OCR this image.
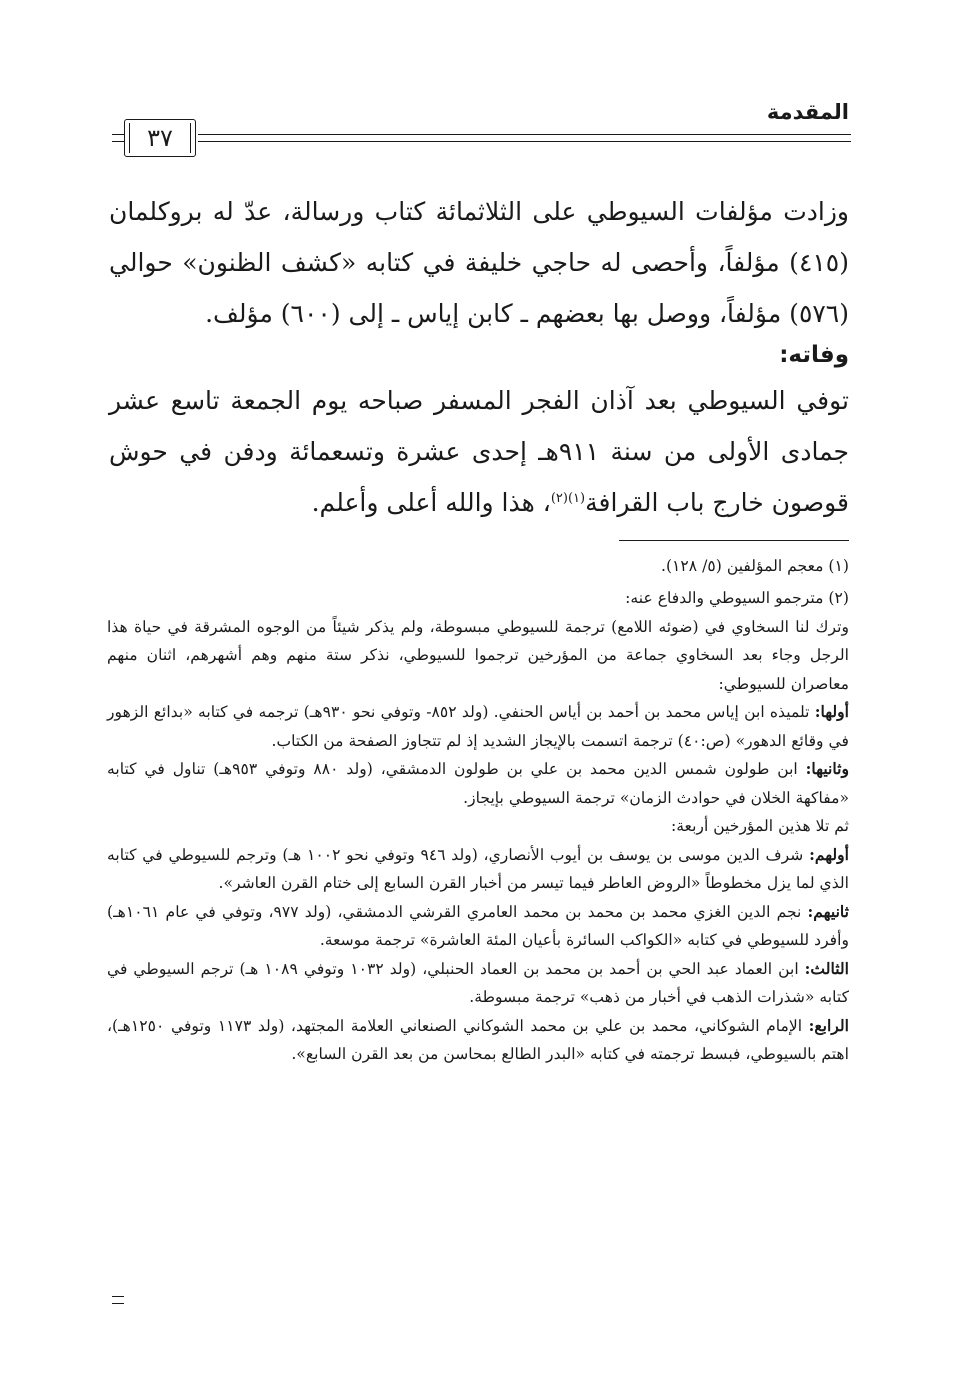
المقدمة
٣٧

وزادت مؤلفات السيوطي على الثلاثمائة كتاب ورسالة، عدّ له بروكلمان (٤١٥) مؤلفاً، وأحصى له حاجي خليفة في كتابه «كشف الظنون» حوالي (٥٧٦) مؤلفاً، ووصل بها بعضهم ـ كابن إياس ـ إلى (٦٠٠) مؤلف.

وفاته:

توفي السيوطي بعد آذان الفجر المسفر صباحه يوم الجمعة تاسع عشر جمادى الأولى من سنة ٩١١هـ إحدى عشرة وتسعمائة ودفن في حوش قوصون خارج باب القرافة$^{(١)(٢)}$، هذا والله أعلى وأعلم.

(١) معجم المؤلفين (٥/ ١٢٨).

(٢) مترجمو السيوطي والدفاع عنه:

وترك لنا السخاوي في (ضوئه اللامع) ترجمة للسيوطي مبسوطة، ولم يذكر شيئاً من الوجوه المشرقة في حياة هذا الرجل وجاء بعد السخاوي جماعة من المؤرخين ترجموا للسيوطي، نذكر ستة منهم وهم أشهرهم، اثنان منهم معاصران للسيوطي:

أولها: تلميذه ابن إياس محمد بن أحمد بن أياس الحنفي. (ولد ٨٥٢- وتوفي نحو ٩٣٠هـ) ترجمه في كتابه «بدائع الزهور في وقائع الدهور» (ص:٤٠) ترجمة اتسمت بالإيجاز الشديد إذ لم تتجاوز الصفحة من الكتاب.

وثانيها: ابن طولون شمس الدين محمد بن علي بن طولون الدمشقي، (ولد ٨٨٠ وتوفي ٩٥٣هـ) تناول في كتابه «مفاكهة الخلان في حوادث الزمان» ترجمة السيوطي بإيجاز.

ثم تلا هذين المؤرخين أربعة:

أولهم: شرف الدين موسى بن يوسف بن أيوب الأنصاري، (ولد ٩٤٦ وتوفي نحو ١٠٠٢ هـ) وترجم للسيوطي في كتابه الذي لما يزل مخطوطاً «الروض العاطر فيما تيسر من أخبار القرن السابع إلى ختام القرن العاشر».

ثانيهم: نجم الدين الغزي محمد بن محمد بن محمد العامري القرشي الدمشقي، (ولد ٩٧٧، وتوفي في عام ١٠٦١هـ) وأفرد للسيوطي في كتابه «الكواكب السائرة بأعيان المئة العاشرة» ترجمة موسعة.

الثالث: ابن العماد عبد الحي بن أحمد بن محمد بن العماد الحنبلي، (ولد ١٠٣٢ وتوفي ١٠٨٩ هـ) ترجم السيوطي في كتابه «شذرات الذهب في أخبار من ذهب» ترجمة مبسوطة.

الرابع: الإمام الشوكاني، محمد بن علي بن محمد الشوكاني الصنعاني العلامة المجتهد، (ولد ١١٧٣ وتوفي ١٢٥٠هـ)، اهتم بالسيوطي، فبسط ترجمته في كتابه «البدر الطالع بمحاسن من بعد القرن السابع».
